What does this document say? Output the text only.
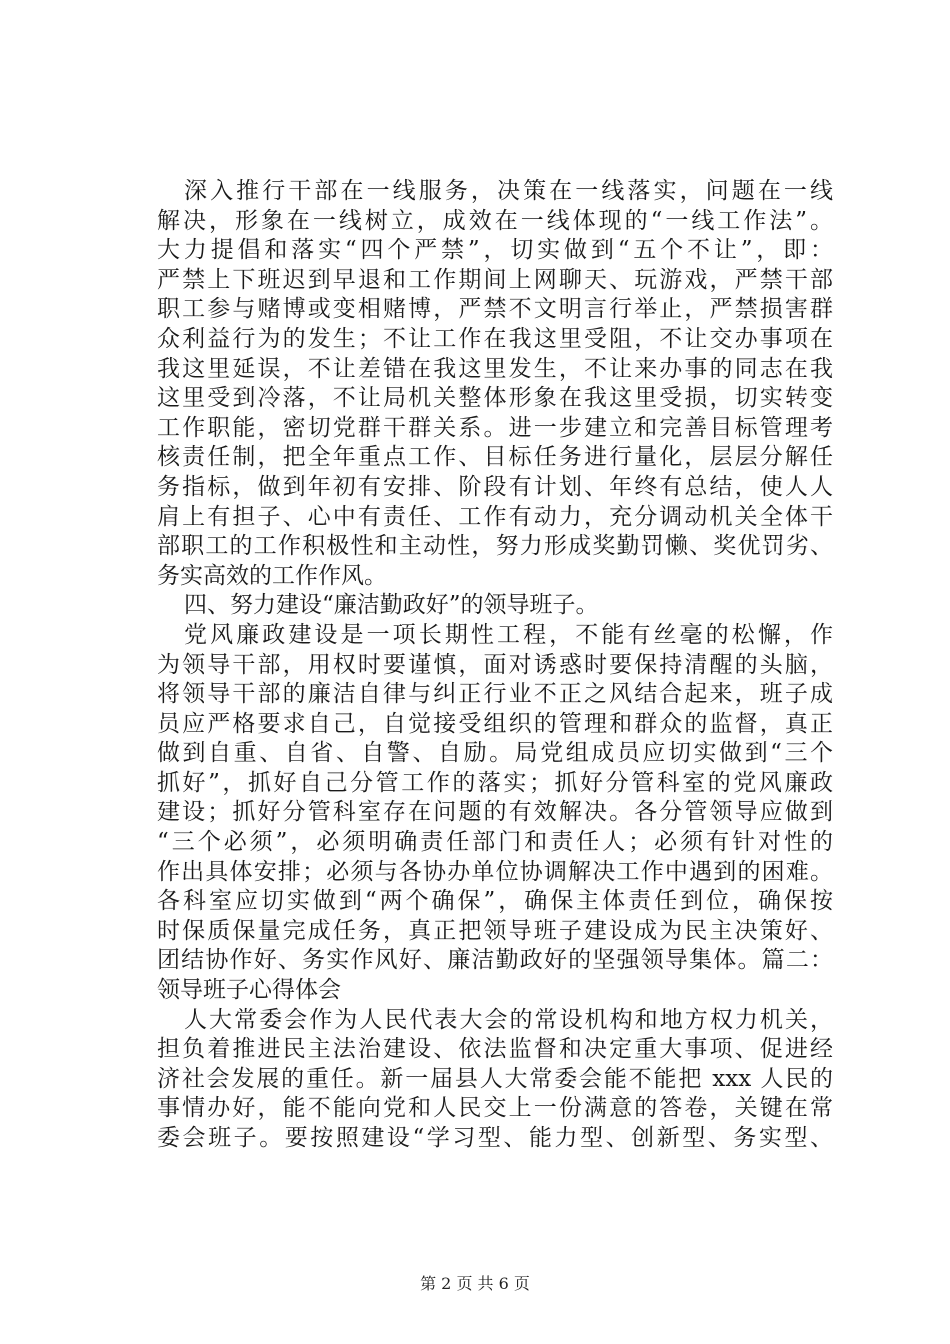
深入推行干部在一线服务，决策在一线落实，问题在一线
解决，形象在一线树立，成效在一线体现的“一线工作法”。
大力提倡和落实“四个严禁”，切实做到“五个不让”，即：
严禁上下班迟到早退和工作期间上网聊天、玩游戏，严禁干部
职工参与赌博或变相赌博，严禁不文明言行举止，严禁损害群
众利益行为的发生；不让工作在我这里受阻，不让交办事项在
我这里延误，不让差错在我这里发生，不让来办事的同志在我
这里受到冷落，不让局机关整体形象在我这里受损，切实转变
工作职能，密切党群干群关系。进一步建立和完善目标管理考
核责任制，把全年重点工作、目标任务进行量化，层层分解任
务指标，做到年初有安排、阶段有计划、年终有总结，使人人
肩上有担子、心中有责任、工作有动力，充分调动机关全体干
部职工的工作积极性和主动性，努力形成奖勤罚懒、奖优罚劣、
务实高效的工作作风。
四、努力建设“廉洁勤政好”的领导班子。
党风廉政建设是一项长期性工程，不能有丝毫的松懈，作
为领导干部，用权时要谨慎，面对诱惑时要保持清醒的头脑，
将领导干部的廉洁自律与纠正行业不正之风结合起来，班子成
员应严格要求自己，自觉接受组织的管理和群众的监督，真正
做到自重、自省、自警、自励。局党组成员应切实做到“三个
抓好”，抓好自己分管工作的落实；抓好分管科室的党风廉政
建设；抓好分管科室存在问题的有效解决。各分管领导应做到
“三个必须”，必须明确责任部门和责任人；必须有针对性的
作出具体安排；必须与各协办单位协调解决工作中遇到的困难。
各科室应切实做到“两个确保”，确保主体责任到位，确保按
时保质保量完成任务，真正把领导班子建设成为民主决策好、
团结协作好、务实作风好、廉洁勤政好的坚强领导集体。篇二：
领导班子心得体会
人大常委会作为人民代表大会的常设机构和地方权力机关，
担负着推进民主法治建设、依法监督和决定重大事项、促进经
济社会发展的重任。新一届县人大常委会能不能把 xxx 人民的
事情办好，能不能向党和人民交上一份满意的答卷，关键在常
委会班子。要按照建设“学习型、能力型、创新型、务实型、
第 2 页 共 6 页
